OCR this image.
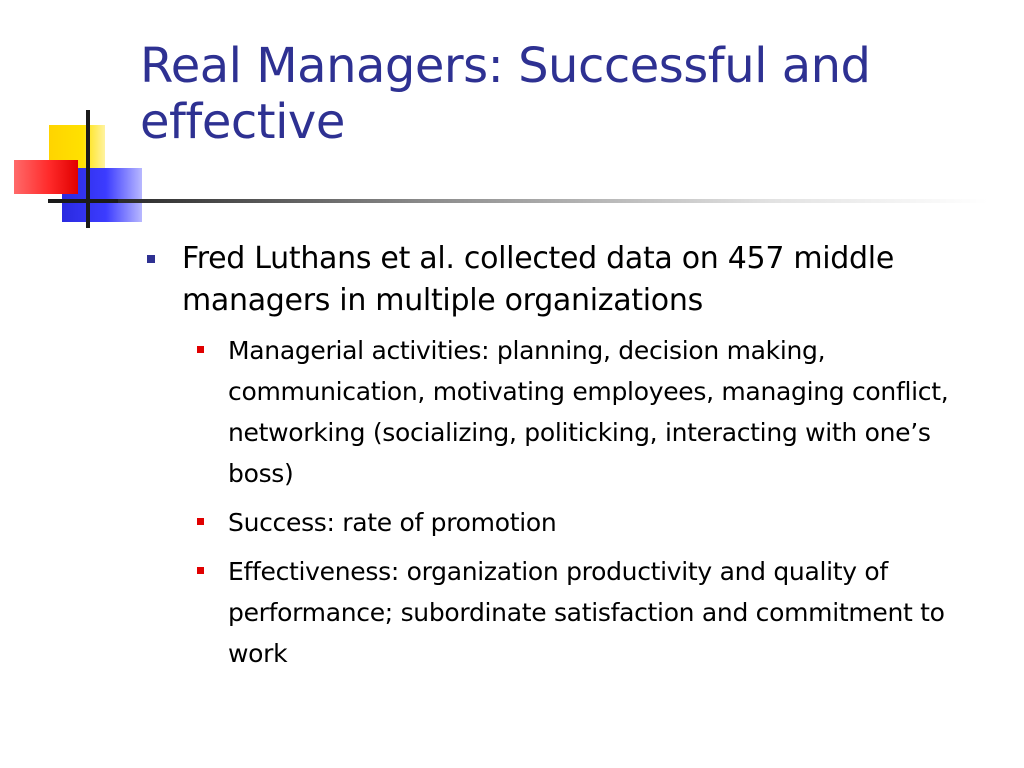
Real Managers: Successful and effective
Fred Luthans et al. collected data on 457 middle managers in multiple organizations
Managerial activities: planning, decision making, communication, motivating employees, managing conflict, networking (socializing, politicking, interacting with one’s boss)
Success: rate of promotion
Effectiveness: organization productivity and quality of performance; subordinate satisfaction and commitment to work
